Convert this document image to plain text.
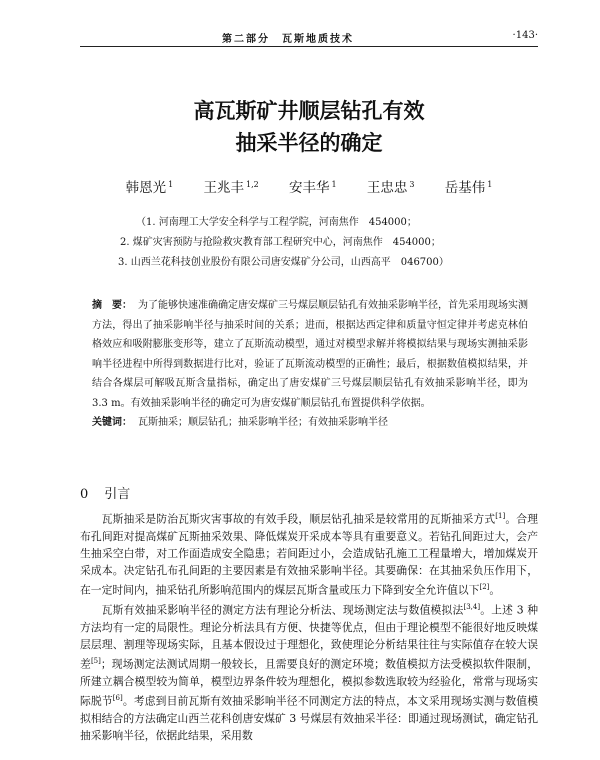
第二部分　瓦斯地质技术	·143·
高瓦斯矿井顺层钻孔有效
抽采半径的确定
韩恩光 $^1$ 王兆丰 $^{1,2}$ 安丰华 $^1$ 王忠忠 $^3$ 岳基伟 $^1$
（1. 河南理工大学安全科学与工程学院，河南焦作　454000；
2. 煤矿灾害预防与抢险救灾教育部工程研究中心，河南焦作　454000；
3. 山西兰花科技创业股份有限公司唐安煤矿分公司，山西高平　046700）
摘　要： 为了能够快速准确确定唐安煤矿三号煤层顺层钻孔有效抽采影响半径，首先采用现场实测方法，得出了抽采影响半径与抽采时间的关系；进而，根据达西定律和质量守恒定律并考虑克林伯格效应和吸附膨胀变形等，建立了瓦斯流动模型，通过对模型求解并将模拟结果与现场实测抽采影响半径进程中所得到数据进行比对，验证了瓦斯流动模型的正确性；最后，根据数值模拟结果，并结合各煤层可解吸瓦斯含量指标，确定出了唐安煤矿三号煤层顺层钻孔有效抽采影响半径，即为 3.3 m。有效抽采影响半径的确定可为唐安煤矿顺层钻孔布置提供科学依据。
关键词： 瓦斯抽采；顺层钻孔；抽采影响半径；有效抽采影响半径
0 引言

瓦斯抽采是防治瓦斯灾害事故的有效手段，顺层钻孔抽采是较常用的瓦斯抽采方式[1]。合理布孔间距对提高煤矿瓦斯抽采效果、降低煤炭开采成本等具有重要意义。若钻孔间距过大，会产生抽采空白带，对工作面造成安全隐患；若间距过小，会造成钻孔施工工程量增大，增加煤炭开采成本。决定钻孔布孔间距的主要因素是有效抽采影响半径。其要确保：在其抽采负压作用下，在一定时间内，抽采钻孔所影响范围内的煤层瓦斯含量或压力下降到安全允许值以下[2]。

瓦斯有效抽采影响半径的测定方法有理论分析法、现场测定法与数值模拟法[3,4]。上述 3 种方法均有一定的局限性。理论分析法具有方便、快捷等优点，但由于理论模型不能很好地反映煤层层理、割理等现场实际，且基本假设过于理想化，致使理论分析结果往往与实际值存在较大误差[5]；现场测定法测试周期一般较长，且需要良好的测定环境；数值模拟方法受模拟软件限制，所建立耦合模型较为简单，模型边界条件较为理想化，模拟参数选取较为经验化，常常与现场实际脱节[6]。考虑到目前瓦斯有效抽采影响半径不同测定方法的特点，本文采用现场实测与数值模拟相结合的方法确定山西兰花科创唐安煤矿 3 号煤层有效抽采半径：即通过现场测试，确定钻孔抽采影响半径，依据此结果，采用数
